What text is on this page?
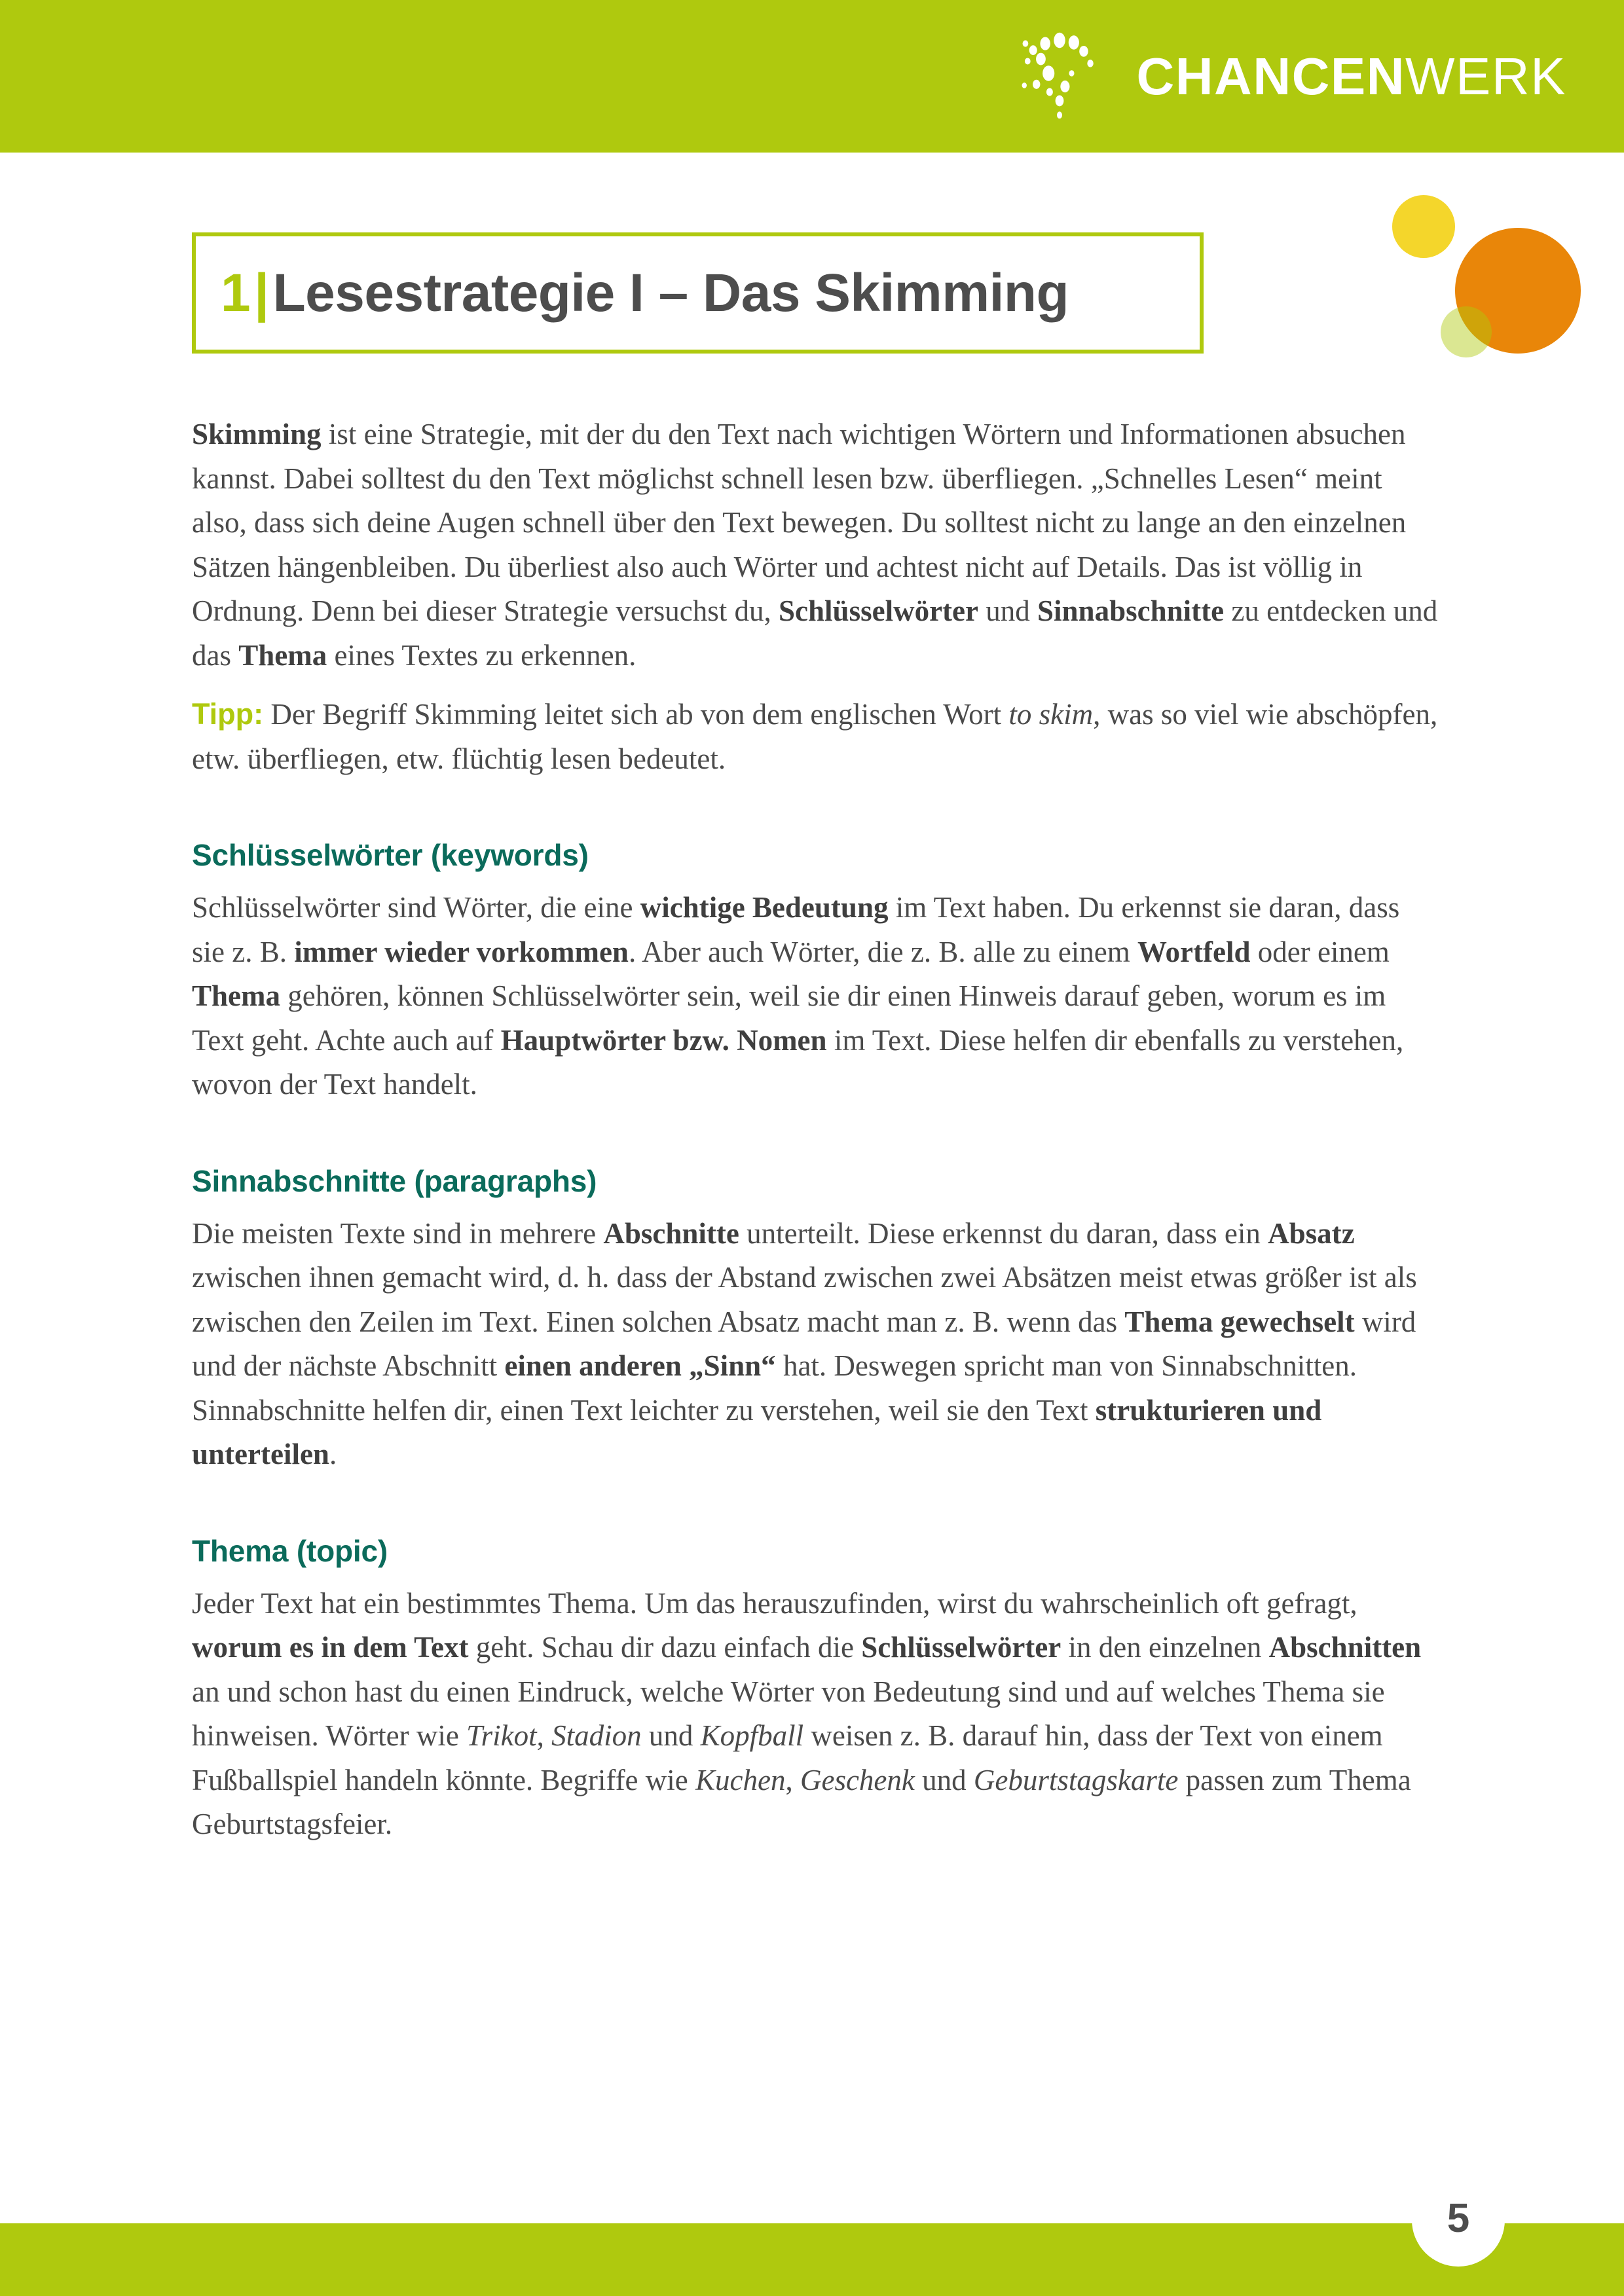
CHANCENWERK
1|Lesestrategie I – Das Skimming

Skimming ist eine Strategie, mit der du den Text nach wichtigen Wörtern und Informationen absuchen kannst. Dabei solltest du den Text möglichst schnell lesen bzw. überfliegen. „Schnelles Lesen“ meint also, dass sich deine Augen schnell über den Text bewegen. Du solltest nicht zu lange an den einzelnen Sätzen hängenbleiben. Du überliest also auch Wörter und achtest nicht auf Details. Das ist völlig in Ordnung. Denn bei dieser Strategie versuchst du, Schlüsselwörter und Sinnabschnitte zu entdecken und das Thema eines Textes zu erkennen.

Tipp: Der Begriff Skimming leitet sich ab von dem englischen Wort to skim, was so viel wie abschöpfen, etw. überfliegen, etw. flüchtig lesen bedeutet.

Schlüsselwörter (keywords)

Schlüsselwörter sind Wörter, die eine wichtige Bedeutung im Text haben. Du erkennst sie daran, dass sie z. B. immer wieder vorkommen. Aber auch Wörter, die z. B. alle zu einem Wortfeld oder einem Thema gehören, können Schlüsselwörter sein, weil sie dir einen Hinweis darauf geben, worum es im Text geht. Achte auch auf Hauptwörter bzw. Nomen im Text. Diese helfen dir ebenfalls zu verstehen, wovon der Text handelt.

Sinnabschnitte (paragraphs)

Die meisten Texte sind in mehrere Abschnitte unterteilt. Diese erkennst du daran, dass ein Absatz zwischen ihnen gemacht wird, d. h. dass der Abstand zwischen zwei Absätzen meist etwas größer ist als zwischen den Zeilen im Text. Einen solchen Absatz macht man z. B. wenn das Thema gewechselt wird und der nächste Abschnitt einen anderen „Sinn“ hat. Deswegen spricht man von Sinnabschnitten. Sinnabschnitte helfen dir, einen Text leichter zu verstehen, weil sie den Text strukturieren und unterteilen.

Thema (topic)

Jeder Text hat ein bestimmtes Thema. Um das herauszufinden, wirst du wahrscheinlich oft gefragt, worum es in dem Text geht. Schau dir dazu einfach die Schlüsselwörter in den einzelnen Abschnitten an und schon hast du einen Eindruck, welche Wörter von Bedeutung sind und auf welches Thema sie hinweisen. Wörter wie Trikot, Stadion und Kopfball weisen z. B. darauf hin, dass der Text von einem Fußballspiel handeln könnte. Begriffe wie Kuchen, Geschenk und Geburtstagskarte passen zum Thema Geburtstagsfeier.

5
